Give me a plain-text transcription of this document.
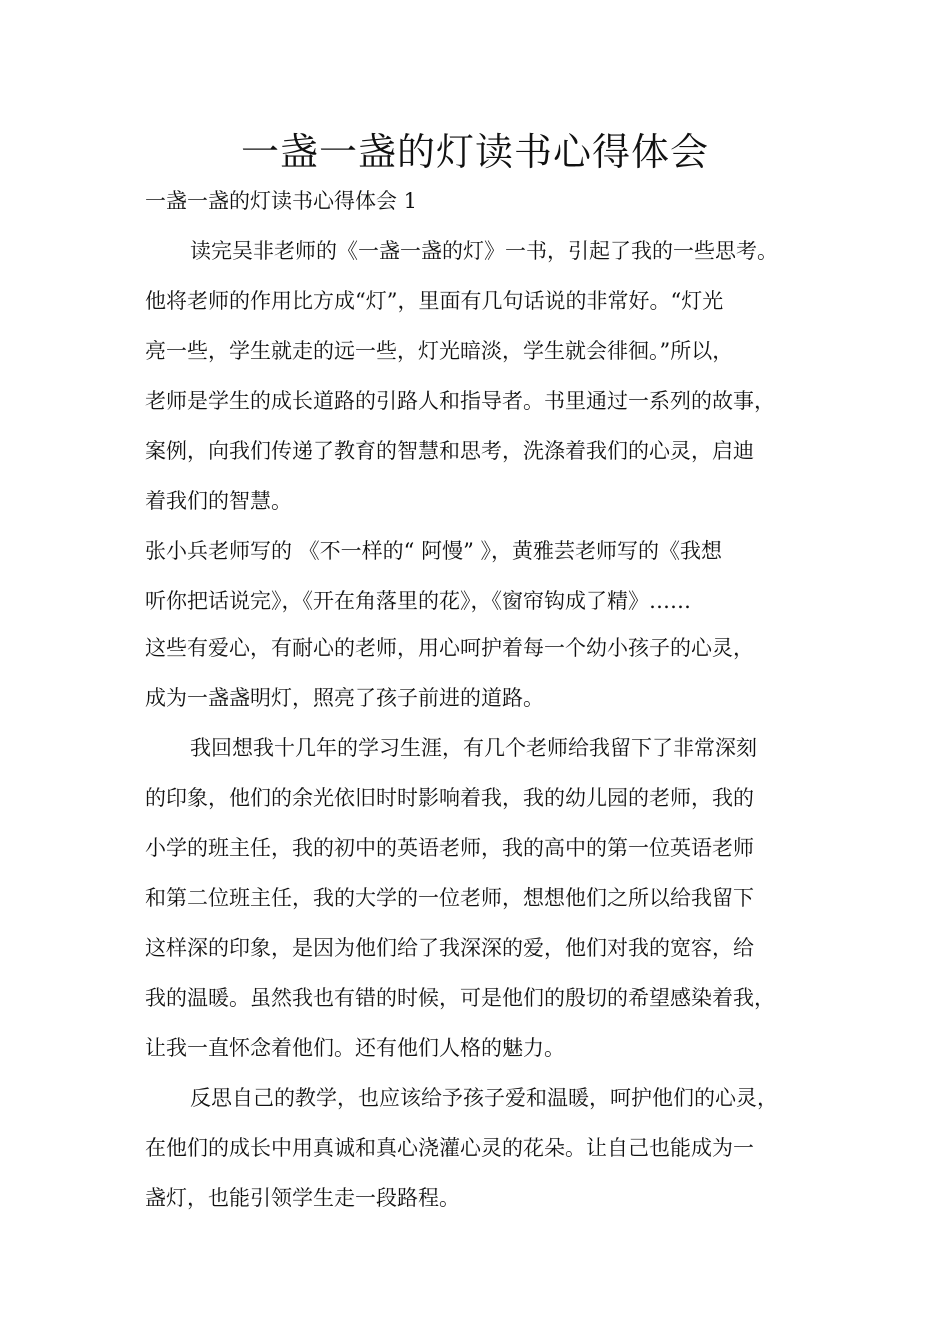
一盏一盏的灯读书心得体会
一盏一盏的灯读书心得体会 1
读完吴非老师的《一盏一盏的灯》一书，引起了我的一些思考。
他将老师的作用比方成“灯”，里面有几句话说的非常好。“灯光
亮一些，学生就走的远一些，灯光暗淡，学生就会徘徊。”所以，
老师是学生的成长道路的引路人和指导者。书里通过一系列的故事，
案例，向我们传递了教育的智慧和思考，洗涤着我们的心灵，启迪
着我们的智慧。
张小兵老师写的 《不一样的“ 阿慢” 》，黄雅芸老师写的《我想
听你把话说完》，《开在角落里的花》，《窗帘钩成了精》……
这些有爱心，有耐心的老师，用心呵护着每一个幼小孩子的心灵，
成为一盏盏明灯，照亮了孩子前进的道路。
我回想我十几年的学习生涯，有几个老师给我留下了非常深刻
的印象，他们的余光依旧时时影响着我，我的幼儿园的老师，我的
小学的班主任，我的初中的英语老师，我的高中的第一位英语老师
和第二位班主任，我的大学的一位老师，想想他们之所以给我留下
这样深的印象，是因为他们给了我深深的爱，他们对我的宽容，给
我的温暖。虽然我也有错的时候，可是他们的殷切的希望感染着我，
让我一直怀念着他们。还有他们人格的魅力。
反思自己的教学，也应该给予孩子爱和温暖，呵护他们的心灵，
在他们的成长中用真诚和真心浇灌心灵的花朵。让自己也能成为一
盏灯，也能引领学生走一段路程。
